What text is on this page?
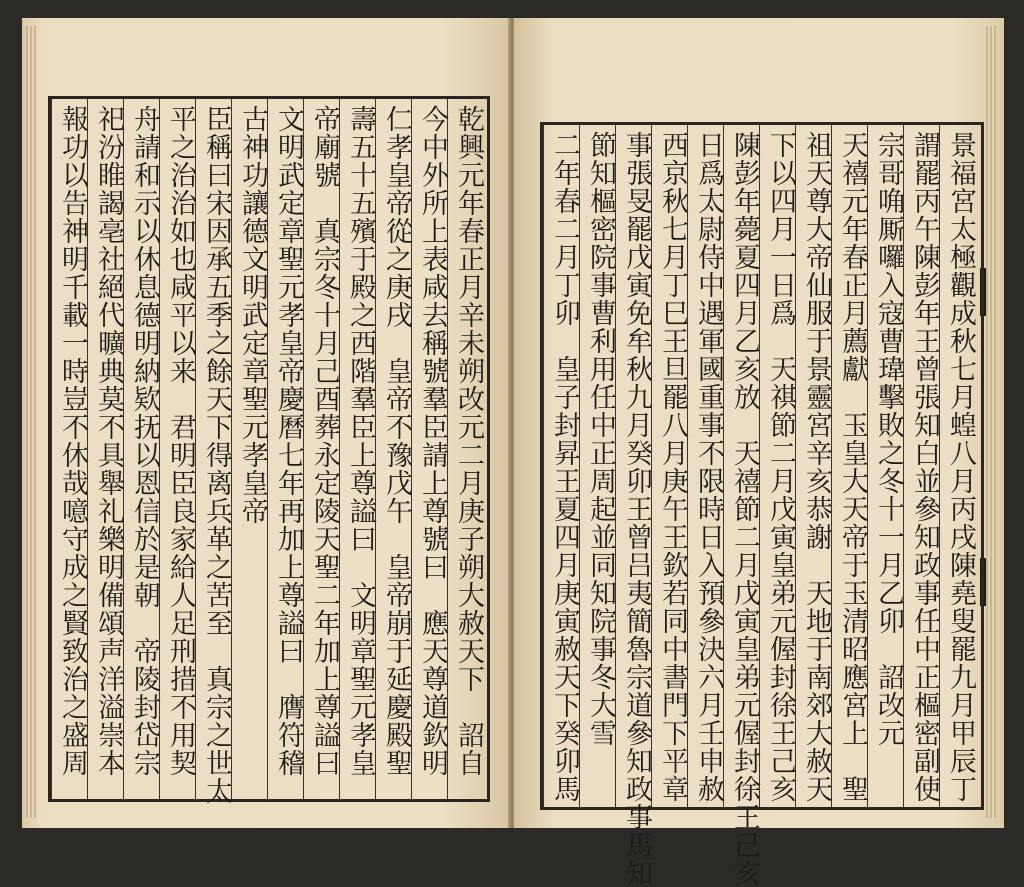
報功以告神明千載一時豈不休哉噫守成之賢致治之盛周 祀汾睢謁亳社絕代曠典莫不具舉礼樂明備頌声洋溢崇本 舟請和示以休息德明納欵抚以恩信於是朝　帝陵封岱宗 平之治治如也咸平以来　君明臣良家給人足刑措不用契 臣稱曰宋因承五季之餘天下得离兵革之苦至　真宗之世太 古神功讓德文明武定章聖元孝皇帝 文明武定章聖元孝皇帝慶曆七年再加上尊謚曰　膺符稽 帝廟號　真宗冬十月己酉葬永定陵天聖二年加上尊謚曰 壽五十五殯于殿之西階羣臣上尊謚曰　文明章聖元孝皇 仁孝皇帝從之庚戌　皇帝不豫戊午　皇帝崩于延慶殿聖 今中外所上表咸去稱號羣臣請上尊號曰　應天尊道欽明 乾興元年春正月辛未朔改元二月庚子朔大赦天下　詔自 二年春二月丁卯　皇子封昇王夏四月庚寅赦天下癸卯馬 節知樞密院事曹利用任中正周起並同知院事冬大雪 事張旻罷戊寅免牟秋九月癸卯王曾吕夷簡魯宗道參知政事馬知 西京秋七月丁巳王旦罷八月庚午王欽若同中書門下平章 日爲太尉侍中遇軍國重事不限時日入預參決六月壬申赦 陳彭年薨夏四月乙亥放　天禧節二月戊寅皇弟元偓封徐王己亥 下以四月一日爲　天祺節二月戊寅皇弟元偓封徐王己亥 祖天尊大帝仙服于景靈宮辛亥恭謝　天地于南郊大赦天 天禧元年春正月薦獻　玉皇大天帝于玉清昭應宮上　聖 宗哥唃厮囉入寇曹瑋擊敗之冬十一月乙卯　詔改元 謂罷丙午陳彭年王曾張知白並參知政事任中正樞密副使 景福宮太極觀成秋七月蝗八月丙戌陳堯叟罷九月甲辰丁
